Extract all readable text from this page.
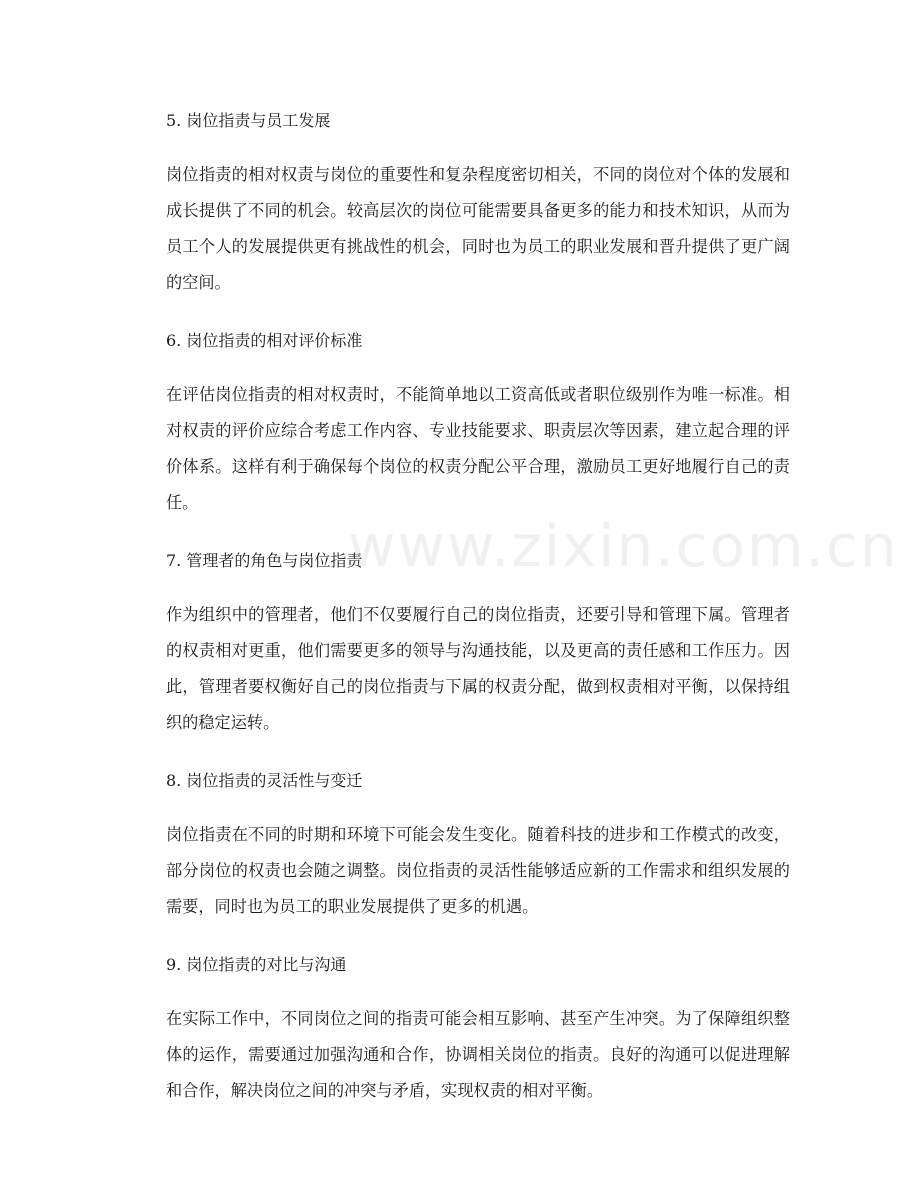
5. 岗位指责与员工发展

岗位指责的相对权责与岗位的重要性和复杂程度密切相关，不同的岗位对个体的发展和成长提供了不同的机会。较高层次的岗位可能需要具备更多的能力和技术知识，从而为员工个人的发展提供更有挑战性的机会，同时也为员工的职业发展和晋升提供了更广阔的空间。

6. 岗位指责的相对评价标准

在评估岗位指责的相对权责时，不能简单地以工资高低或者职位级别作为唯一标准。相对权责的评价应综合考虑工作内容、专业技能要求、职责层次等因素，建立起合理的评价体系。这样有利于确保每个岗位的权责分配公平合理，激励员工更好地履行自己的责任。

7. 管理者的角色与岗位指责

作为组织中的管理者，他们不仅要履行自己的岗位指责，还要引导和管理下属。管理者的权责相对更重，他们需要更多的领导与沟通技能，以及更高的责任感和工作压力。因此，管理者要权衡好自己的岗位指责与下属的权责分配，做到权责相对平衡，以保持组织的稳定运转。

8. 岗位指责的灵活性与变迁

岗位指责在不同的时期和环境下可能会发生变化。随着科技的进步和工作模式的改变，部分岗位的权责也会随之调整。岗位指责的灵活性能够适应新的工作需求和组织发展的需要，同时也为员工的职业发展提供了更多的机遇。

9. 岗位指责的对比与沟通

在实际工作中，不同岗位之间的指责可能会相互影响、甚至产生冲突。为了保障组织整体的运作，需要通过加强沟通和合作，协调相关岗位的指责。良好的沟通可以促进理解和合作，解决岗位之间的冲突与矛盾，实现权责的相对平衡。

www.zixin.com.cn
